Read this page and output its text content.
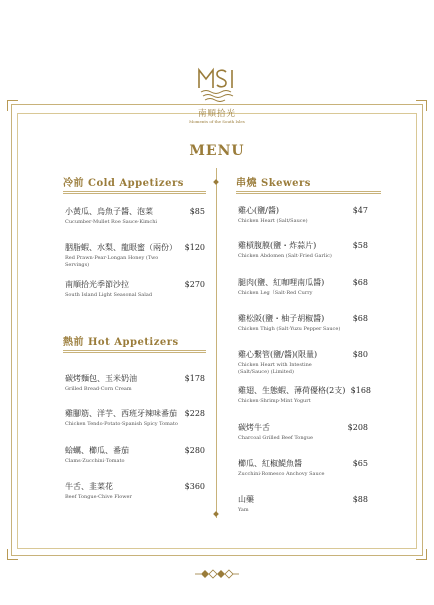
南順拾光
Moments of the South Isles
MENU
冷前 Cold Appetizers
小黃瓜、烏魚子醬、泡菜
Cucumber‧Mullet Roe Sauce‧Kimchi
$85
胭脂蝦、水梨、龍眼蜜（兩份）
Red Prawn‧Pear‧Longan Honey (Two Servings)
$120
南順拾光季節沙拉
South Island Light Seasonal Salad
$270
熱前 Hot Appetizers
碳烤麵包、玉米奶油
Grilled Bread‧Corn Cream
$178
雞腳筋、洋芋、西班牙辣味番茄
Chicken Tendo‧Potato‧Spanish Spicy Tomato
$228
蛤蠣、櫛瓜、番茄
Clams‧Zucchini‧Tomato
$280
牛舌、韭菜花
Beef Tongue‧Chive Flower
$360
串燒 Skewers
雞心(鹽/醬)
Chicken Heart (Salt/Sauce)
$47
雞槓腹膜(鹽・炸蒜片)
Chicken Abdomen (Salt‧Fried Garlic)
$58
腿肉(鹽、紅咖哩南瓜醬)
Chicken Leg（Salt‧Red Curry
$68
雞松阪(鹽・柚子胡椒醬)
Chicken Thigh (Salt‧Yuzu Pepper Sauce)
$68
雞心繫管(鹽/醬)(限量)
Chicken Heart with Intestine (Salt/Sauce) (Limited)
$80
雞翅、生態蝦、薄荷優格(2支)
Chicken‧Shrimp‧Mint Yogurt
$168
碳烤牛舌
Charcoal Grilled Beef Tongue
$208
櫛瓜、紅椒鯷魚醬
Zucchini‧Romesco Anchovy Sauce
$65
山藥
Yam
$88
